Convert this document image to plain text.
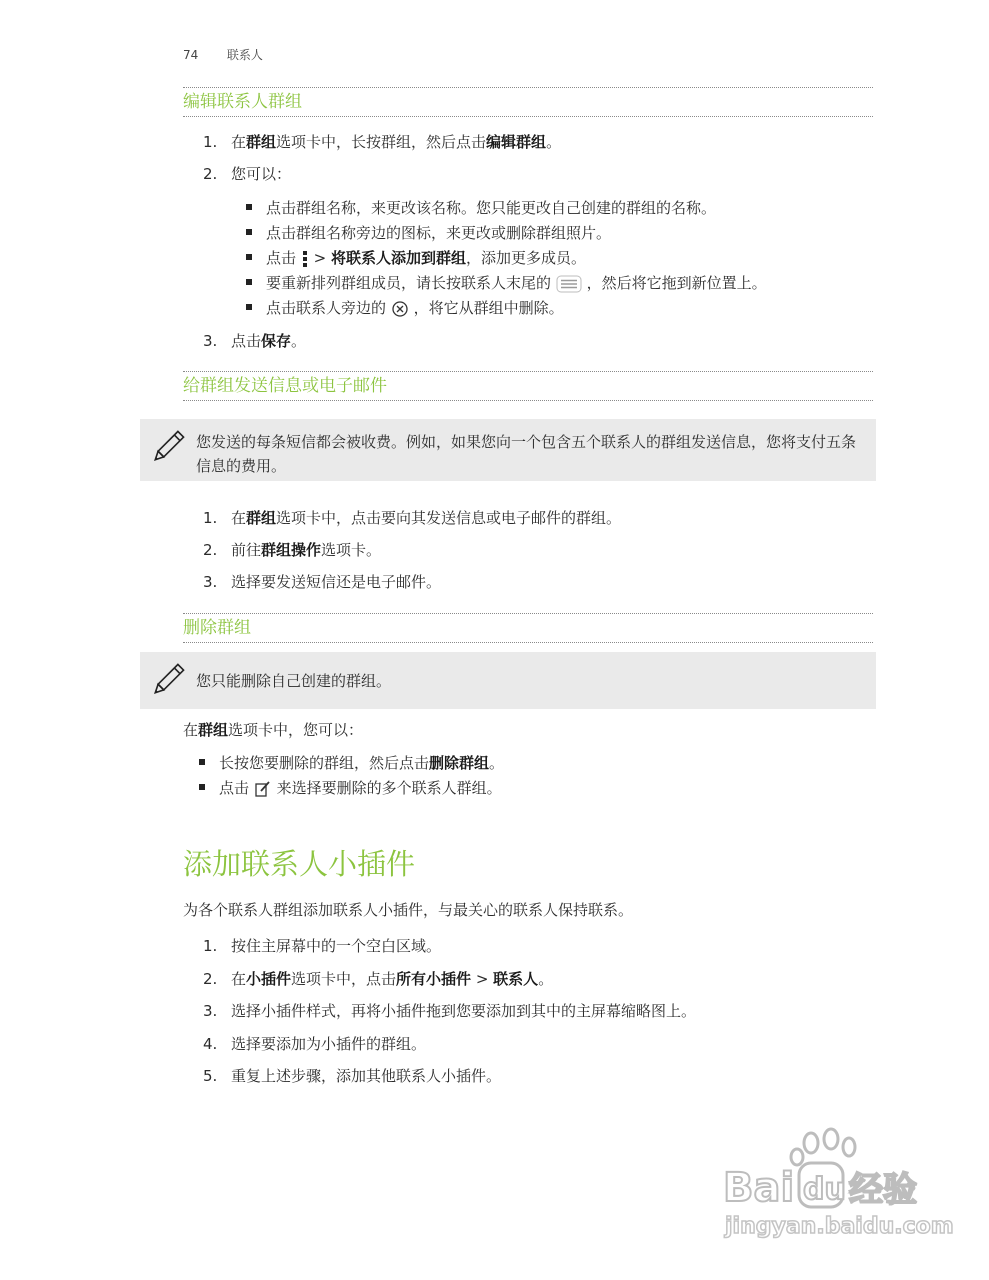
74 联系人
编辑联系人群组
1. 在群组选项卡中，长按群组，然后点击编辑群组。
2. 您可以：
点击群组名称，来更改该名称。您只能更改自己创建的群组的名称。
点击群组名称旁边的图标，来更改或删除群组照片。
点击 > 将联系人添加到群组，添加更多成员。
要重新排列群组成员，请长按联系人末尾的 ，然后将它拖到新位置上。
点击联系人旁边的 ，将它从群组中删除。
3. 点击保存。
给群组发送信息或电子邮件
您发送的每条短信都会被收费。例如，如果您向一个包含五个联系人的群组发送信息，您将支付五条信息的费用。
1. 在群组选项卡中，点击要向其发送信息或电子邮件的群组。
2. 前往群组操作选项卡。
3. 选择要发送短信还是电子邮件。
删除群组
您只能删除自己创建的群组。
在群组选项卡中，您可以：
长按您要删除的群组，然后点击删除群组。
点击 来选择要删除的多个联系人群组。
添加联系人小插件
为各个联系人群组添加联系人小插件，与最关心的联系人保持联系。
1. 按住主屏幕中的一个空白区域。
2. 在小插件选项卡中，点击所有小插件 > 联系人。
3. 选择小插件样式，再将小插件拖到您要添加到其中的主屏幕缩略图上。
4. 选择要添加为小插件的群组。
5. 重复上述步骤，添加其他联系人小插件。
Bai du 经验
jingyan.baidu.com
